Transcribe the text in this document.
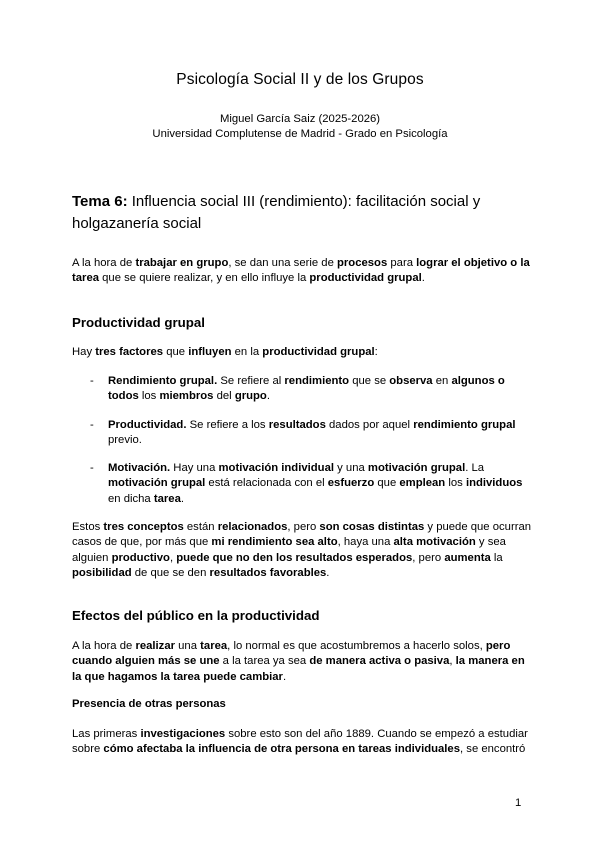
Psicología Social II y de los Grupos
Miguel García Saiz (2025-2026)
Universidad Complutense de Madrid - Grado en Psicología
Tema 6: Influencia social III (rendimiento): facilitación social y holgazanería social
A la hora de trabajar en grupo, se dan una serie de procesos para lograr el objetivo o la tarea que se quiere realizar, y en ello influye la productividad grupal.
Productividad grupal
Hay tres factores que influyen en la productividad grupal:
- Rendimiento grupal. Se refiere al rendimiento que se observa en algunos o todos los miembros del grupo.
- Productividad. Se refiere a los resultados dados por aquel rendimiento grupal previo.
- Motivación. Hay una motivación individual y una motivación grupal. La motivación grupal está relacionada con el esfuerzo que emplean los individuos en dicha tarea.
Estos tres conceptos están relacionados, pero son cosas distintas y puede que ocurran casos de que, por más que mi rendimiento sea alto, haya una alta motivación y sea alguien productivo, puede que no den los resultados esperados, pero aumenta la posibilidad de que se den resultados favorables.
Efectos del público en la productividad
A la hora de realizar una tarea, lo normal es que acostumbremos a hacerlo solos, pero cuando alguien más se une a la tarea ya sea de manera activa o pasiva, la manera en la que hagamos la tarea puede cambiar.
Presencia de otras personas
Las primeras investigaciones sobre esto son del año 1889. Cuando se empezó a estudiar sobre cómo afectaba la influencia de otra persona en tareas individuales, se encontró
1
